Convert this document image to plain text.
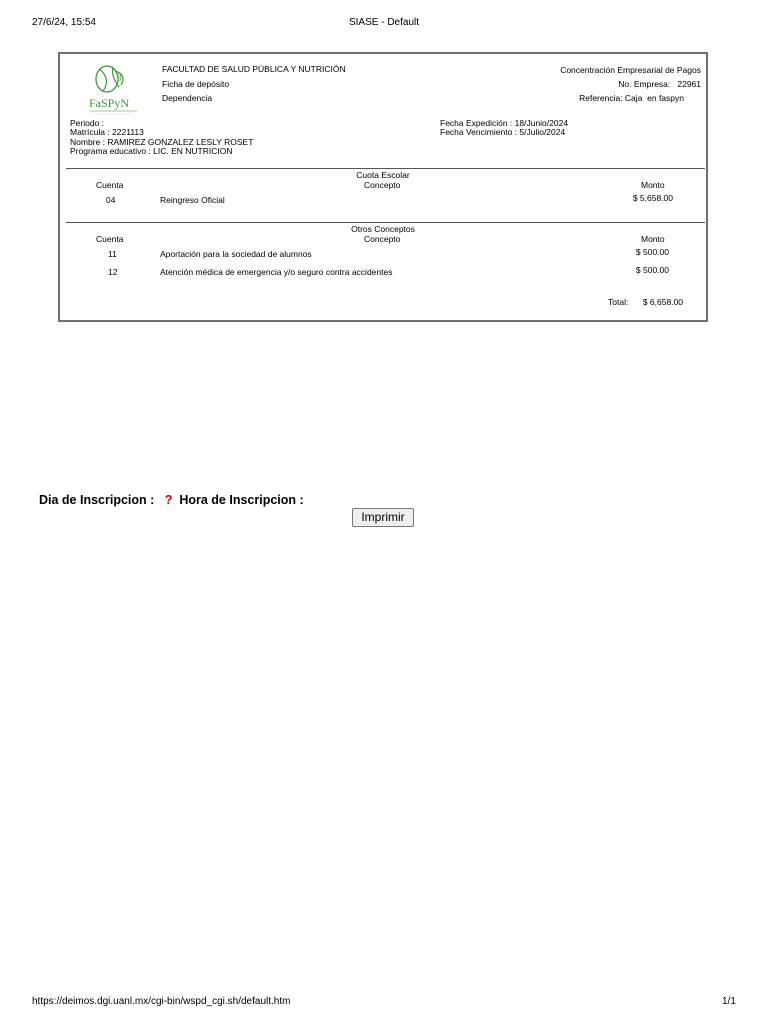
27/6/24, 15:54	SIASE - Default
3
FaSPyN
FACULTAD DE SALUD PÚBLICA Y NUTRICIÓN
Ficha de depósito
Dependencia
Concentración Empresarial de Pagos
No. Empresa: 22961
Referencia: Caja  en faspyn
Periodo :
Matrícula : 2221113
Nombre : RAMIREZ GONZALEZ LESLY ROSET
Programa educativo : LIC. EN NUTRICION
Fecha Expedición : 18/Junio/2024
Fecha Vencimiento : 5/Julio/2024
Cuota Escolar
Cuenta	Concepto	Monto
04	Reingreso Oficial	$ 5,658.00
Otros Conceptos
Cuenta	Concepto	Monto
11	Aportación para la sociedad de alumnos	$ 500.00
12	Atención médica de emergencia y/o seguro contra accidentes	$ 500.00
Total: $ 6,658.00
Dia de Inscripcion : ? Hora de Inscripcion :
Imprimir
https://deimos.dgi.uanl.mx/cgi-bin/wspd_cgi.sh/default.htm	1/1
